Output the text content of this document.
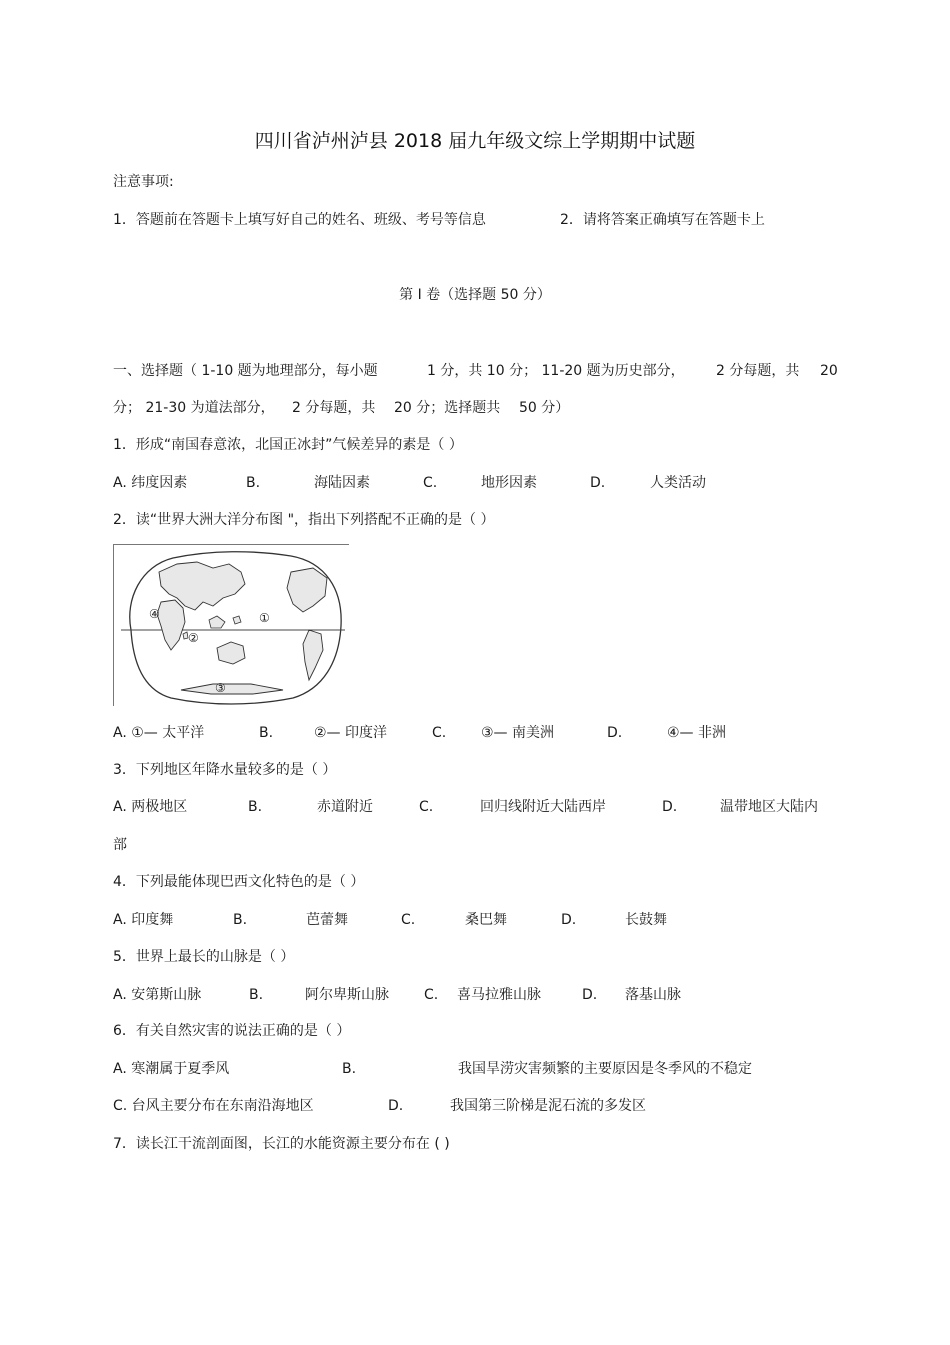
四川省泸州泸县 2018 届九年级文综上学期期中试题
注意事项:
1．答题前在答题卡上填写好自己的姓名、班级、考号等信息	2．请将答案正确填写在答题卡上
第 I 卷（选择题 50 分）
一、选择题（ 1-10 题为地理部分，每小题	1 分，共 10 分； 11-20 题为历史部分， 2 分每题，共 20
分； 21-30 为道法部分， 2 分每题，共 20 分；选择题共 50 分）
1．形成“南国春意浓，北国正冰封”气候差异的素是（ ）
A. 纬度因素	B.	海陆因素	C.	地形因素	D.	人类活动
2．读“世界大洲大洋分布图 "，指出下列搭配不正确的是（ ）
①
②
③
④
A. ①— 太平洋	B.	②— 印度洋	C. ③— 南美洲	D.	④— 非洲
3．下列地区年降水量较多的是（ ）
A. 两极地区	B.	赤道附近	C.	回归线附近大陆西岸	D.	温带地区大陆内
部
4．下列最能体现巴西文化特色的是（ ）
A. 印度舞	B.	芭蕾舞	C.	桑巴舞	D.	长鼓舞
5．世界上最长的山脉是（ ）
A. 安第斯山脉	B.	阿尔卑斯山脉	C. 喜马拉雅山脉	D. 落基山脉
6．有关自然灾害的说法正确的是（ ）
A. 寒潮属于夏季风	B.	我国旱涝灾害频繁的主要原因是冬季风的不稳定
C. 台风主要分布在东南沿海地区	D.	我国第三阶梯是泥石流的多发区
7．读长江干流剖面图，长江的水能资源主要分布在 ( )
